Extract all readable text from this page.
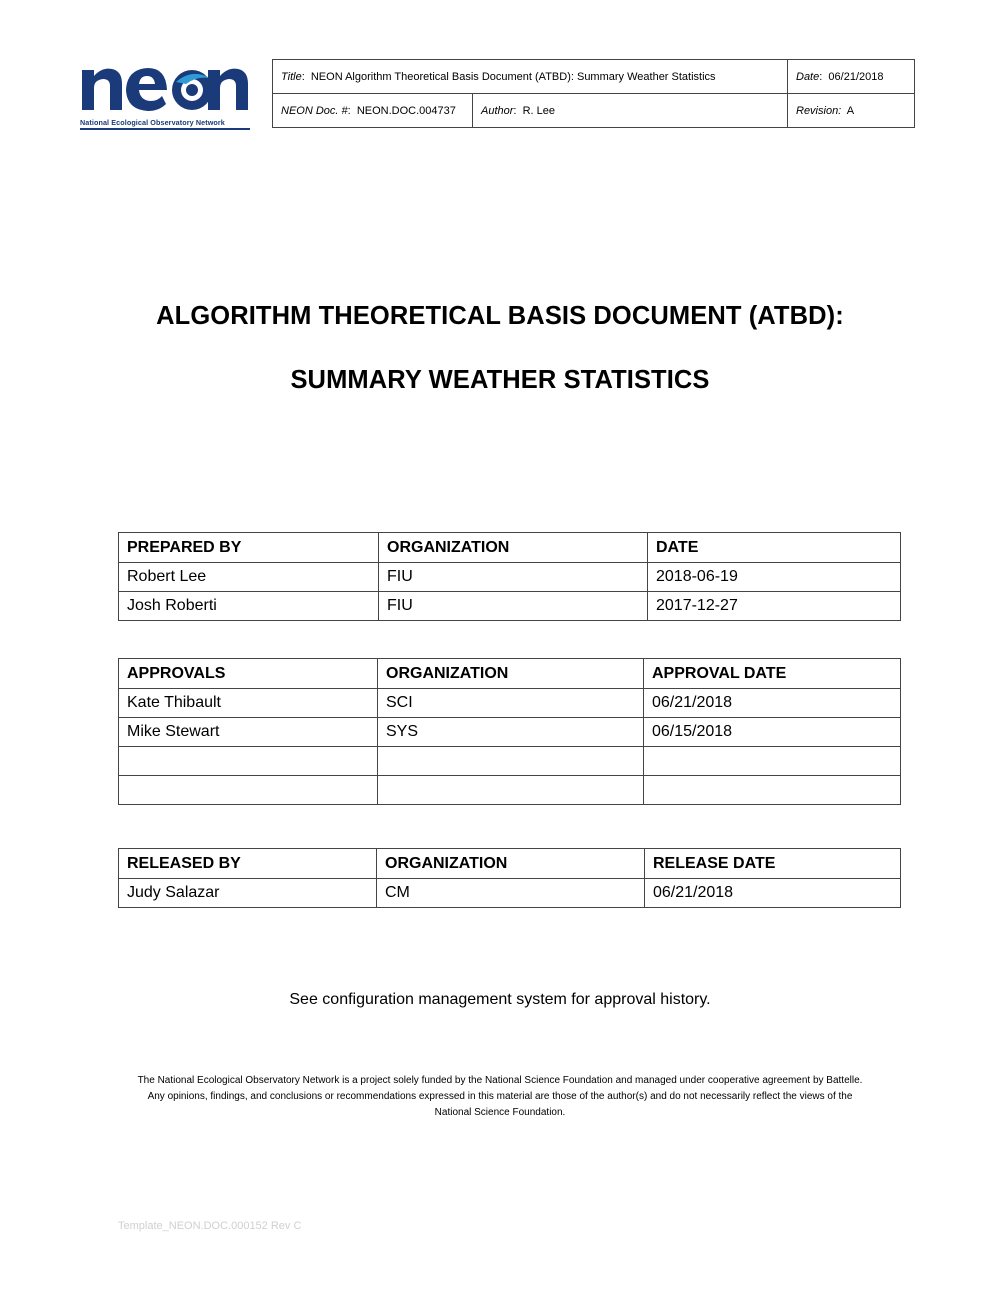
National Ecological Observatory Network
Title:  NEON Algorithm Theoretical Basis Document (ATBD): Summary Weather Statistics		Date:  06/21/2018
NEON Doc. #:  NEON.DOC.004737	Author:  R. Lee	Revision: A
ALGORITHM THEORETICAL BASIS DOCUMENT (ATBD):
SUMMARY WEATHER STATISTICS
PREPARED BY	ORGANIZATION	DATE
Robert Lee	FIU	2018-06-19
Josh Roberti	FIU	2017-12-27
APPROVALS	ORGANIZATION	APPROVAL DATE
Kate Thibault	SCI	06/21/2018
Mike Stewart	SYS	06/15/2018

RELEASED BY	ORGANIZATION	RELEASE DATE
Judy Salazar	CM	06/21/2018
See configuration management system for approval history.
The National Ecological Observatory Network is a project solely funded by the National Science Foundation and managed under cooperative agreement by Battelle.
Any opinions, findings, and conclusions or recommendations expressed in this material are those of the author(s) and do not necessarily reflect the views of the
National Science Foundation.
Template_NEON.DOC.000152 Rev C
